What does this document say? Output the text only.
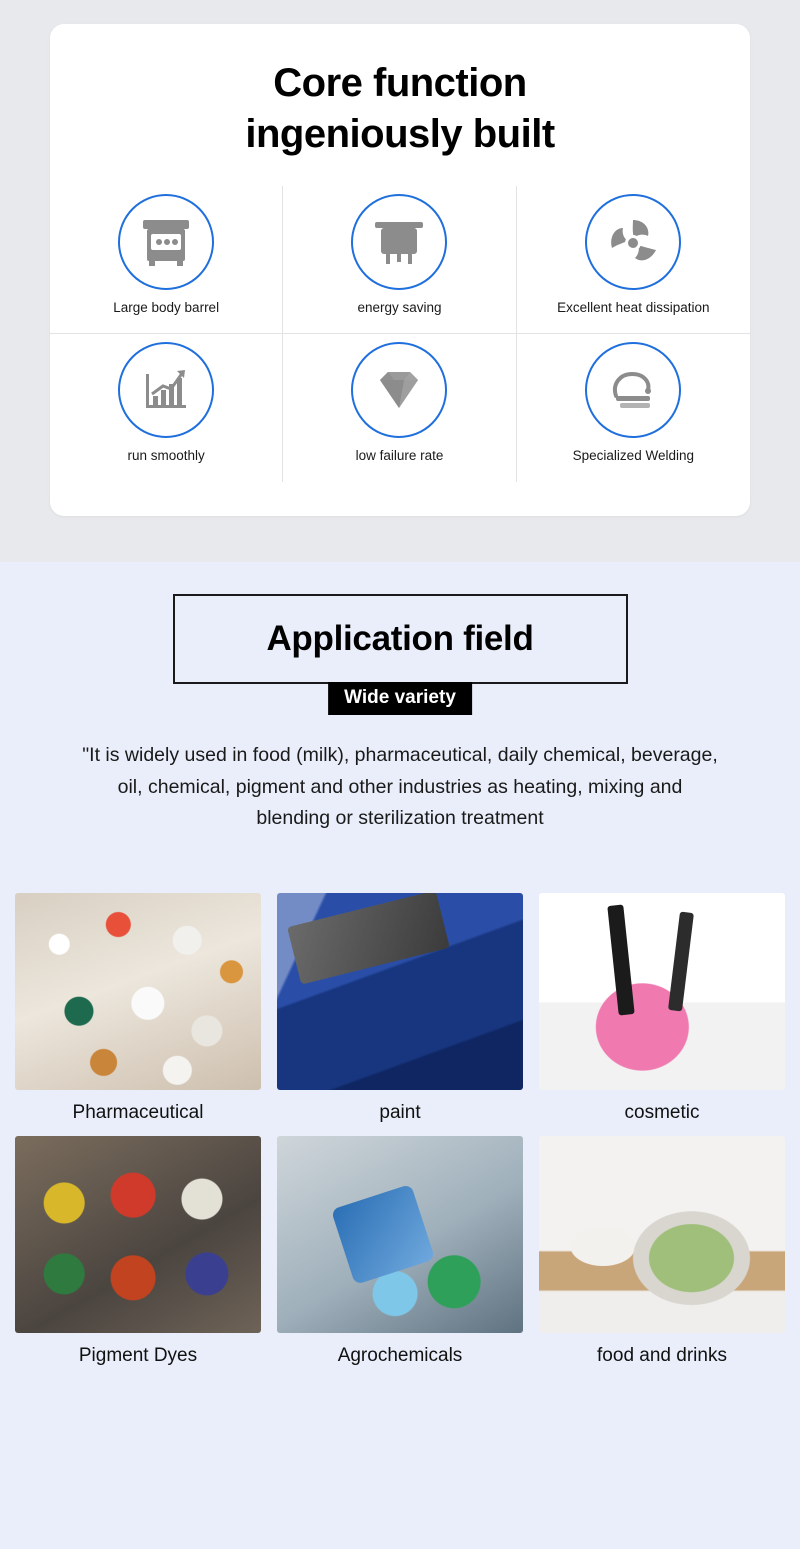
Core function
ingeniously built
Large body barrel	energy saving	Excellent heat dissipation
run smoothly	low failure rate	Specialized Welding
Application field
Wide variety

"It is widely used in food (milk), pharmaceutical, daily chemical, beverage, oil, chemical, pigment and other industries as heating, mixing and blending or sterilization treatment

Pharmaceutical	paint	cosmetic
Pigment Dyes	Agrochemicals	food and drinks
